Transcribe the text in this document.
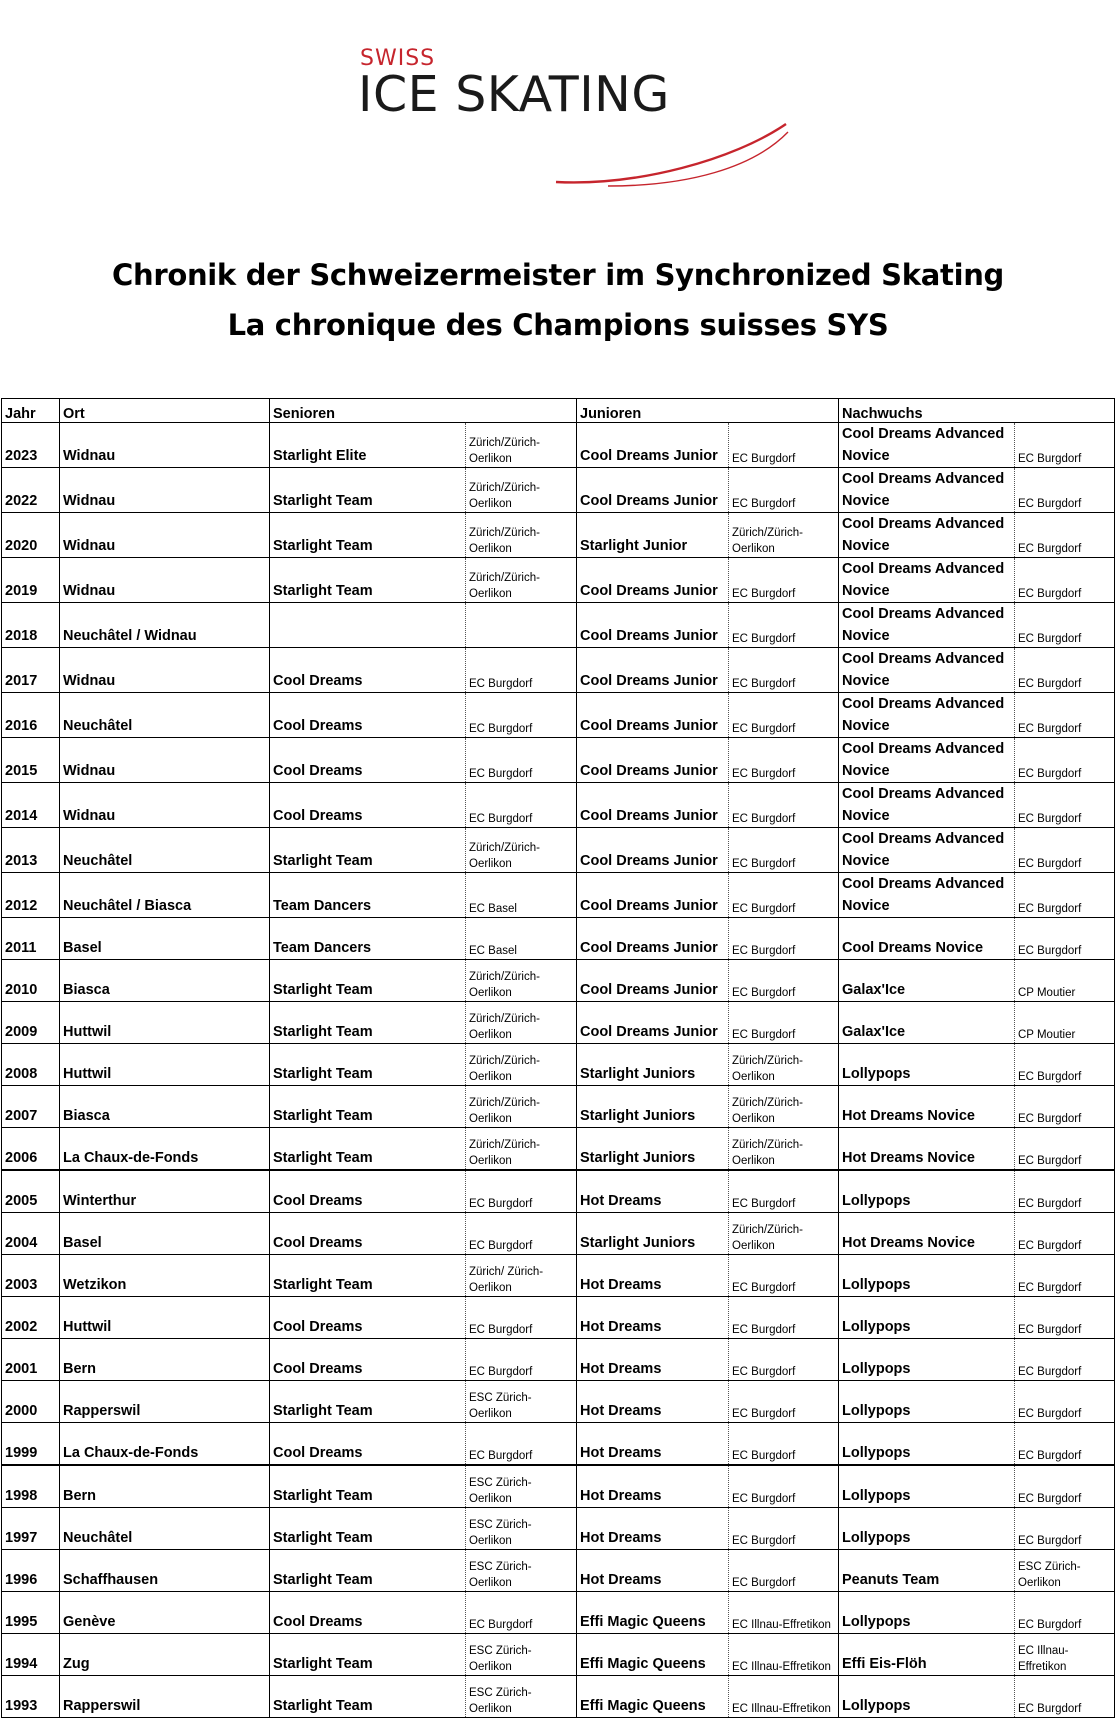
SWISS
ICE SKATING
Chronik der Schweizermeister im Synchronized Skating
La chronique des Champions suisses SYS
Jahr	Ort	Senioren		Junioren		Nachwuchs	
2023	Widnau	Starlight Elite	Zürich/Zürich-Oerlikon	Cool Dreams Junior	EC Burgdorf	Cool Dreams Advanced Novice	EC Burgdorf
2022	Widnau	Starlight Team	Zürich/Zürich-Oerlikon	Cool Dreams Junior	EC Burgdorf	Cool Dreams Advanced Novice	EC Burgdorf
2020	Widnau	Starlight Team	Zürich/Zürich-Oerlikon	Starlight Junior	Zürich/Zürich-Oerlikon	Cool Dreams Advanced Novice	EC Burgdorf
2019	Widnau	Starlight Team	Zürich/Zürich-Oerlikon	Cool Dreams Junior	EC Burgdorf	Cool Dreams Advanced Novice	EC Burgdorf
2018	Neuchâtel / Widnau			Cool Dreams Junior	EC Burgdorf	Cool Dreams Advanced Novice	EC Burgdorf
2017	Widnau	Cool Dreams	EC Burgdorf	Cool Dreams Junior	EC Burgdorf	Cool Dreams Advanced Novice	EC Burgdorf
2016	Neuchâtel	Cool Dreams	EC Burgdorf	Cool Dreams Junior	EC Burgdorf	Cool Dreams Advanced Novice	EC Burgdorf
2015	Widnau	Cool Dreams	EC Burgdorf	Cool Dreams Junior	EC Burgdorf	Cool Dreams Advanced Novice	EC Burgdorf
2014	Widnau	Cool Dreams	EC Burgdorf	Cool Dreams Junior	EC Burgdorf	Cool Dreams Advanced Novice	EC Burgdorf
2013	Neuchâtel	Starlight Team	Zürich/Zürich-Oerlikon	Cool Dreams Junior	EC Burgdorf	Cool Dreams Advanced Novice	EC Burgdorf
2012	Neuchâtel / Biasca	Team Dancers	EC Basel	Cool Dreams Junior	EC Burgdorf	Cool Dreams Advanced Novice	EC Burgdorf
2011	Basel	Team Dancers	EC Basel	Cool Dreams Junior	EC Burgdorf	Cool Dreams Novice	EC Burgdorf
2010	Biasca	Starlight Team	Zürich/Zürich-Oerlikon	Cool Dreams Junior	EC Burgdorf	Galax'Ice	CP Moutier
2009	Huttwil	Starlight Team	Zürich/Zürich-Oerlikon	Cool Dreams Junior	EC Burgdorf	Galax'Ice	CP Moutier
2008	Huttwil	Starlight Team	Zürich/Zürich-Oerlikon	Starlight Juniors	Zürich/Zürich-Oerlikon	Lollypops	EC Burgdorf
2007	Biasca	Starlight Team	Zürich/Zürich-Oerlikon	Starlight Juniors	Zürich/Zürich-Oerlikon	Hot Dreams Novice	EC Burgdorf
2006	La Chaux-de-Fonds	Starlight Team	Zürich/Zürich-Oerlikon	Starlight Juniors	Zürich/Zürich-Oerlikon	Hot Dreams Novice	EC Burgdorf
2005	Winterthur	Cool Dreams	EC Burgdorf	Hot Dreams	EC Burgdorf	Lollypops	EC Burgdorf
2004	Basel	Cool Dreams	EC Burgdorf	Starlight Juniors	Zürich/Zürich-Oerlikon	Hot Dreams Novice	EC Burgdorf
2003	Wetzikon	Starlight Team	Zürich/ Zürich-Oerlikon	Hot Dreams	EC Burgdorf	Lollypops	EC Burgdorf
2002	Huttwil	Cool Dreams	EC Burgdorf	Hot Dreams	EC Burgdorf	Lollypops	EC Burgdorf
2001	Bern	Cool Dreams	EC Burgdorf	Hot Dreams	EC Burgdorf	Lollypops	EC Burgdorf
2000	Rapperswil	Starlight Team	ESC Zürich-Oerlikon	Hot Dreams	EC Burgdorf	Lollypops	EC Burgdorf
1999	La Chaux-de-Fonds	Cool Dreams	EC Burgdorf	Hot Dreams	EC Burgdorf	Lollypops	EC Burgdorf
1998	Bern	Starlight Team	ESC Zürich-Oerlikon	Hot Dreams	EC Burgdorf	Lollypops	EC Burgdorf
1997	Neuchâtel	Starlight Team	ESC Zürich-Oerlikon	Hot Dreams	EC Burgdorf	Lollypops	EC Burgdorf
1996	Schaffhausen	Starlight Team	ESC Zürich-Oerlikon	Hot Dreams	EC Burgdorf	Peanuts Team	ESC Zürich-Oerlikon
1995	Genève	Cool Dreams	EC Burgdorf	Effi Magic Queens	EC Illnau-Effretikon	Lollypops	EC Burgdorf
1994	Zug	Starlight Team	ESC Zürich-Oerlikon	Effi Magic Queens	EC Illnau-Effretikon	Effi Eis-Flöh	EC Illnau-Effretikon
1993	Rapperswil	Starlight Team	ESC Zürich-Oerlikon	Effi Magic Queens	EC Illnau-Effretikon	Lollypops	EC Burgdorf
